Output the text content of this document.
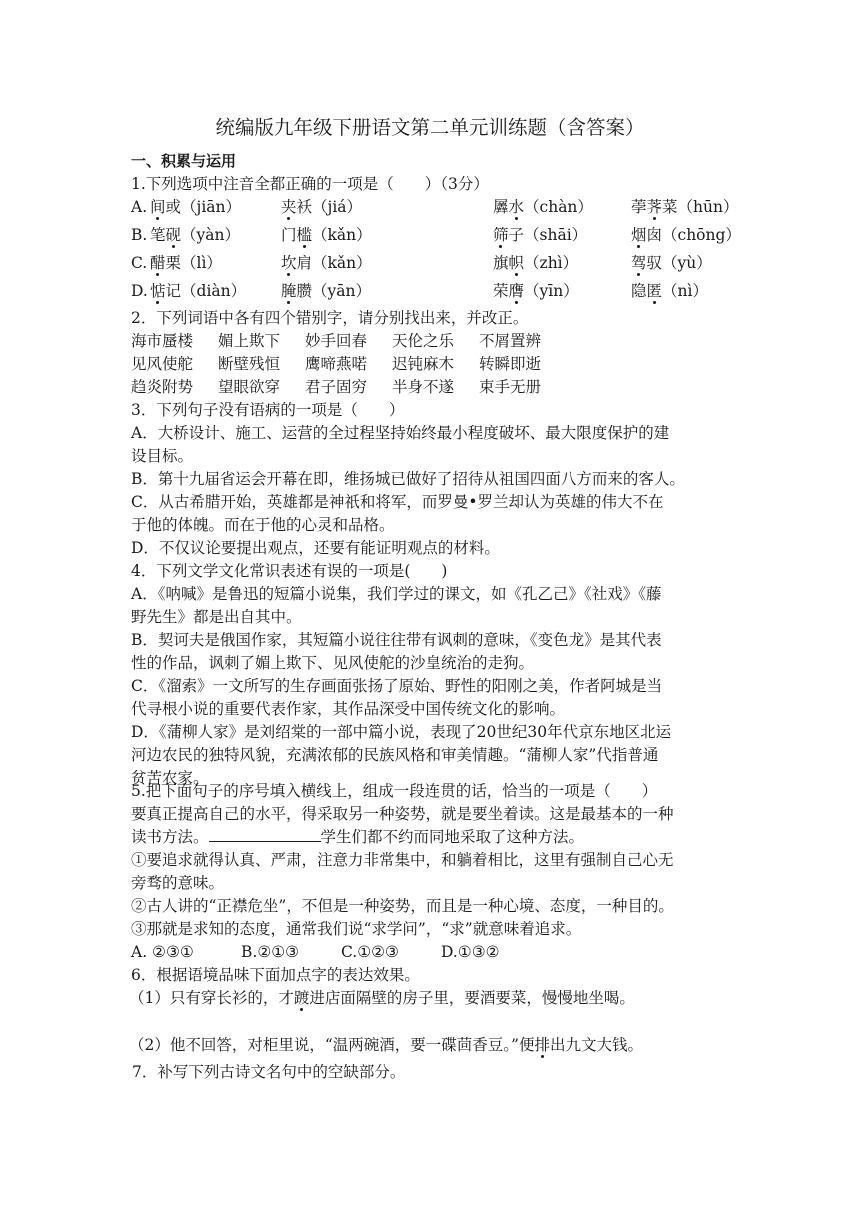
统编版九年级下册语文第二单元训练题（含答案）
一、积累与运用
1.下列选项中注音全都正确的一项是（　　）（3分）
A. 间或（jiān）	夹袄（jiá）	羼水（chàn） 荸荠菜（hūn）
B. 笔砚（yàn）	门槛（kǎn）	筛子（shāi）	烟囱（chōng）
C. 醋栗（lì）	坎肩（kǎn）	旗帜（zhì）	驾驭（yù）
D. 惦记（diàn） 腌臜（yān）	荣膺（yīn）	隐匿（nì）
2．下列词语中各有四个错别字，请分别找出来，并改正。
海市蜃楼 媚上欺下 妙手回春 天伦之乐 不屑置辨
见风使舵 断壁残恒 鹰啼燕喏 迟钝麻木 转瞬即逝
趋炎附势 望眼欲穿 君子固穷 半身不遂 束手无册
3．下列句子没有语病的一项是（　　）
A．大桥设计、施工、运营的全过程坚持始终最小程度破坏、最大限度保护的建
设目标。
B．第十九届省运会开幕在即，维扬城已做好了招待从祖国四面八方而来的客人。
C．从古希腊开始，英雄都是神祇和将军，而罗曼•罗兰却认为英雄的伟大不在
于他的体魄。而在于他的心灵和品格。
D．不仅议论要提出观点，还要有能证明观点的材料。
4．下列文学文化常识表述有误的一项是(　　)
A．《呐喊》是鲁迅的短篇小说集，我们学过的课文，如《孔乙己》《社戏》《藤
野先生》都是出自其中。
B．契诃夫是俄国作家，其短篇小说往往带有讽刺的意味，《变色龙》是其代表
性的作品，讽刺了媚上欺下、见风使舵的沙皇统治的走狗。
C．《溜索》一文所写的生存画面张扬了原始、野性的阳刚之美，作者阿城是当
代寻根小说的重要代表作家，其作品深受中国传统文化的影响。
D．《蒲柳人家》是刘绍棠的一部中篇小说，表现了20世纪30年代京东地区北运
河边农民的独特风貌，充满浓郁的民族风格和审美情趣。“蒲柳人家”代指普通
贫苦农家。
5.把下面句子的序号填入横线上，组成一段连贯的话，恰当的一项是（　　）
要真正提高自己的水平，得采取另一种姿势，就是要坐着读。这是最基本的一种
读书方法。	学生们都不约而同地采取了这种方法。
①要追求就得认真、严肃，注意力非常集中，和躺着相比，这里有强制自己心无
旁骛的意味。
②古人讲的“正襟危坐”，不但是一种姿势，而且是一种心境、态度，一种目的。
③那就是求知的态度，通常我们说“求学问”，“求”就意味着追求。
A. ②③①	B.②①③	C.①②③	D.①③②
6．根据语境品味下面加点字的表达效果。
（1）只有穿长衫的，才踱进店面隔壁的房子里，要酒要菜，慢慢地坐喝。
（2）他不回答，对柜里说，“温两碗酒，要一碟茴香豆。”便排出九文大钱。
7．补写下列古诗文名句中的空缺部分。
